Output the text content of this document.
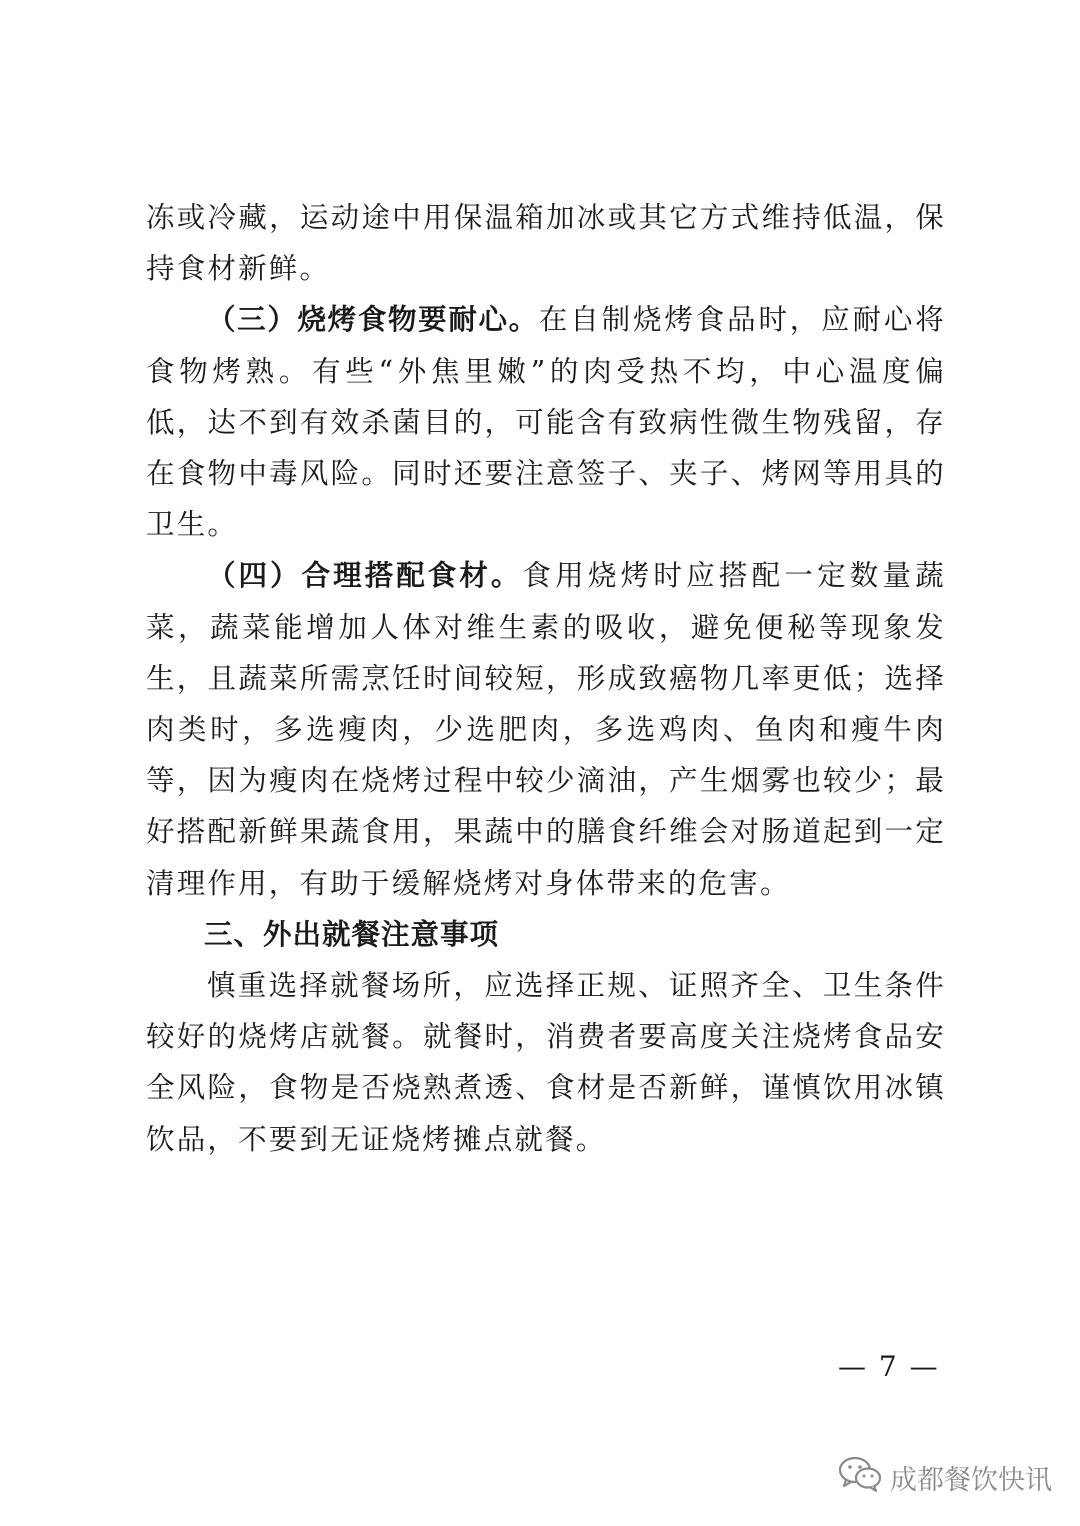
冻或冷藏，运动途中用保温箱加冰或其它方式维持低温，保持食材新鲜。

（三）烧烤食物要耐心。在自制烧烤食品时，应耐心将食物烤熟。有些“外焦里嫩”的肉受热不均，中心温度偏低，达不到有效杀菌目的，可能含有致病性微生物残留，存在食物中毒风险。同时还要注意签子、夹子、烤网等用具的卫生。

（四）合理搭配食材。食用烧烤时应搭配一定数量蔬菜，蔬菜能增加人体对维生素的吸收，避免便秘等现象发生，且蔬菜所需烹饪时间较短，形成致癌物几率更低；选择肉类时，多选瘦肉，少选肥肉，多选鸡肉、鱼肉和瘦牛肉等，因为瘦肉在烧烤过程中较少滴油，产生烟雾也较少；最好搭配新鲜果蔬食用，果蔬中的膳食纤维会对肠道起到一定清理作用，有助于缓解烧烤对身体带来的危害。

三、外出就餐注意事项

慎重选择就餐场所，应选择正规、证照齐全、卫生条件较好的烧烤店就餐。就餐时，消费者要高度关注烧烤食品安全风险，食物是否烧熟煮透、食材是否新鲜，谨慎饮用冰镇饮品，不要到无证烧烤摊点就餐。

— 7 —
成都餐饮快讯
